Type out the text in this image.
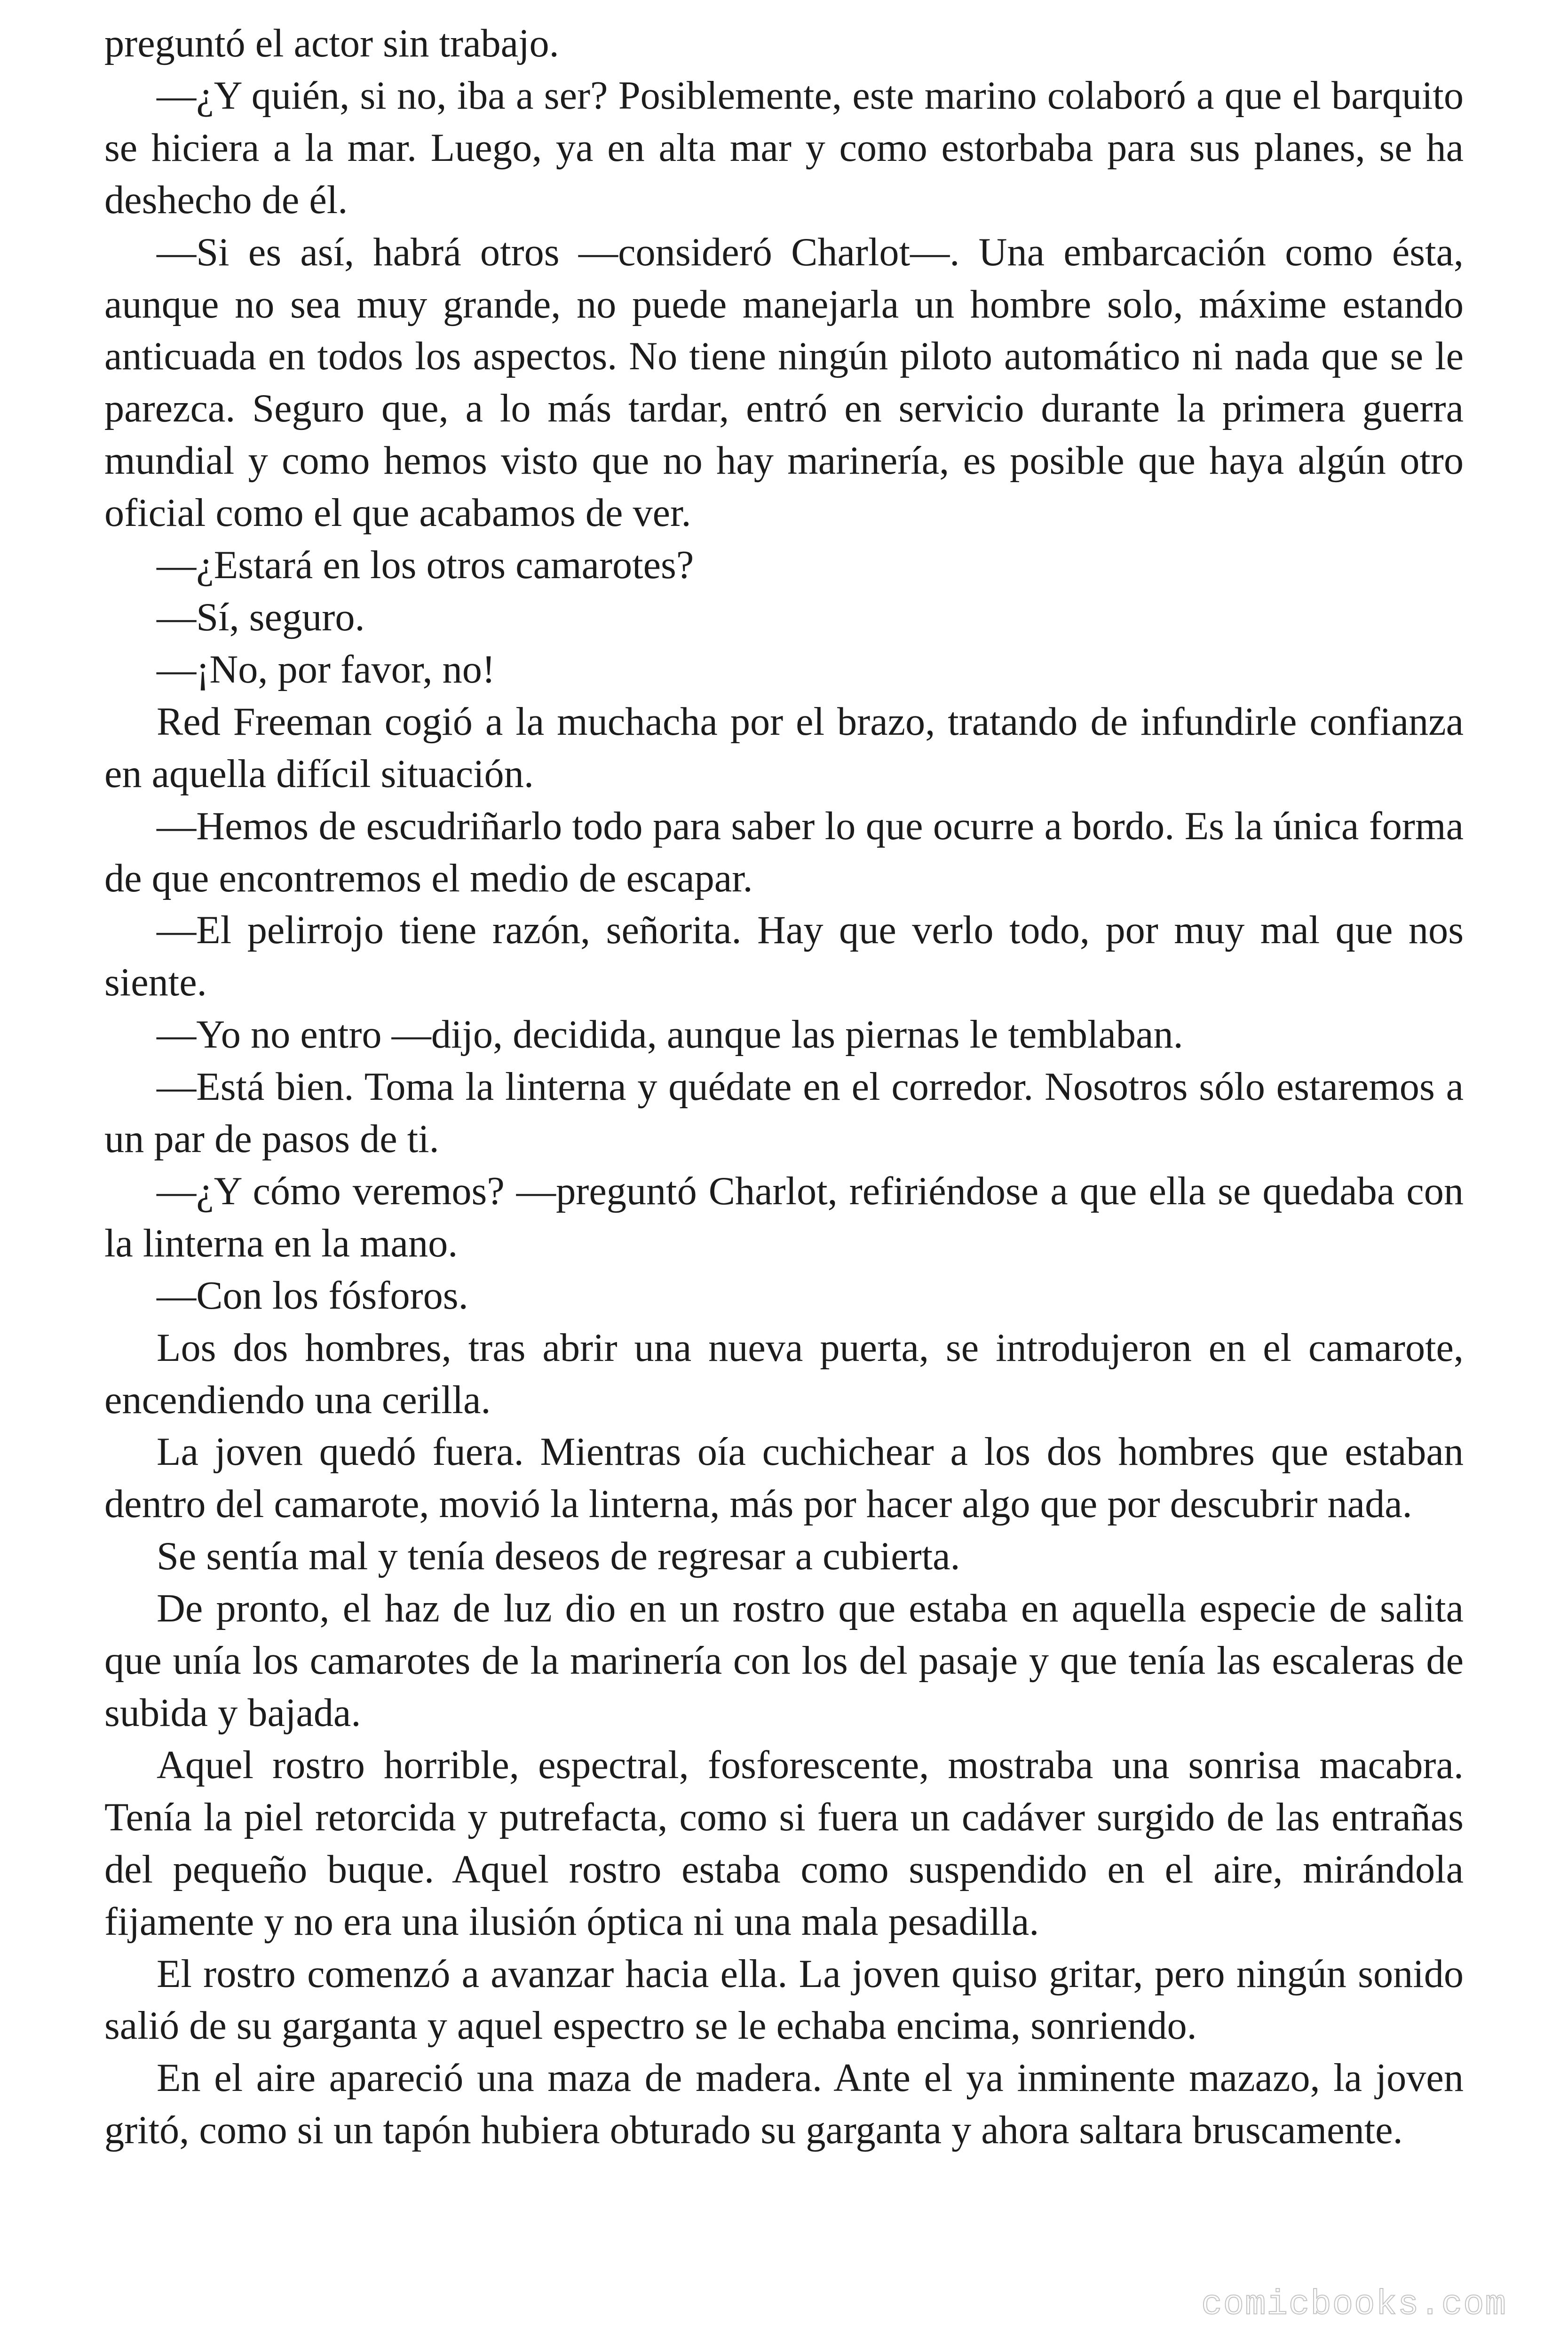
preguntó el actor sin trabajo.

—¿Y quién, si no, iba a ser? Posiblemente, este marino colaboró a que el barquito se hiciera a la mar. Luego, ya en alta mar y como estorbaba para sus planes, se ha deshecho de él.

—Si es así, habrá otros —consideró Charlot—. Una embarcación como ésta, aunque no sea muy grande, no puede manejarla un hombre solo, máxime estando anticuada en todos los aspectos. No tiene ningún piloto automático ni nada que se le parezca. Seguro que, a lo más tardar, entró en servicio durante la primera guerra mundial y como hemos visto que no hay marinería, es posible que haya algún otro oficial como el que acabamos de ver.

—¿Estará en los otros camarotes?

—Sí, seguro.

—¡No, por favor, no!

Red Freeman cogió a la muchacha por el brazo, tratando de infundirle confianza en aquella difícil situación.

—Hemos de escudriñarlo todo para saber lo que ocurre a bordo. Es la única forma de que encontremos el medio de escapar.

—El pelirrojo tiene razón, señorita. Hay que verlo todo, por muy mal que nos siente.

—Yo no entro —dijo, decidida, aunque las piernas le temblaban.

—Está bien. Toma la linterna y quédate en el corredor. Nosotros sólo estaremos a un par de pasos de ti.

—¿Y cómo veremos? —preguntó Charlot, refiriéndose a que ella se quedaba con la linterna en la mano.

—Con los fósforos.

Los dos hombres, tras abrir una nueva puerta, se introdujeron en el camarote, encendiendo una cerilla.

La joven quedó fuera. Mientras oía cuchichear a los dos hombres que estaban dentro del camarote, movió la linterna, más por hacer algo que por descubrir nada.

Se sentía mal y tenía deseos de regresar a cubierta.

De pronto, el haz de luz dio en un rostro que estaba en aquella especie de salita que unía los camarotes de la marinería con los del pasaje y que tenía las escaleras de subida y bajada.

Aquel rostro horrible, espectral, fosforescente, mostraba una sonrisa macabra. Tenía la piel retorcida y putrefacta, como si fuera un cadáver surgido de las entrañas del pequeño buque. Aquel rostro estaba como suspendido en el aire, mirándola fijamente y no era una ilusión óptica ni una mala pesadilla.

El rostro comenzó a avanzar hacia ella. La joven quiso gritar, pero ningún sonido salió de su garganta y aquel espectro se le echaba encima, sonriendo.

En el aire apareció una maza de madera. Ante el ya inminente mazazo, la joven gritó, como si un tapón hubiera obturado su garganta y ahora saltara bruscamente.

comicbooks.com
